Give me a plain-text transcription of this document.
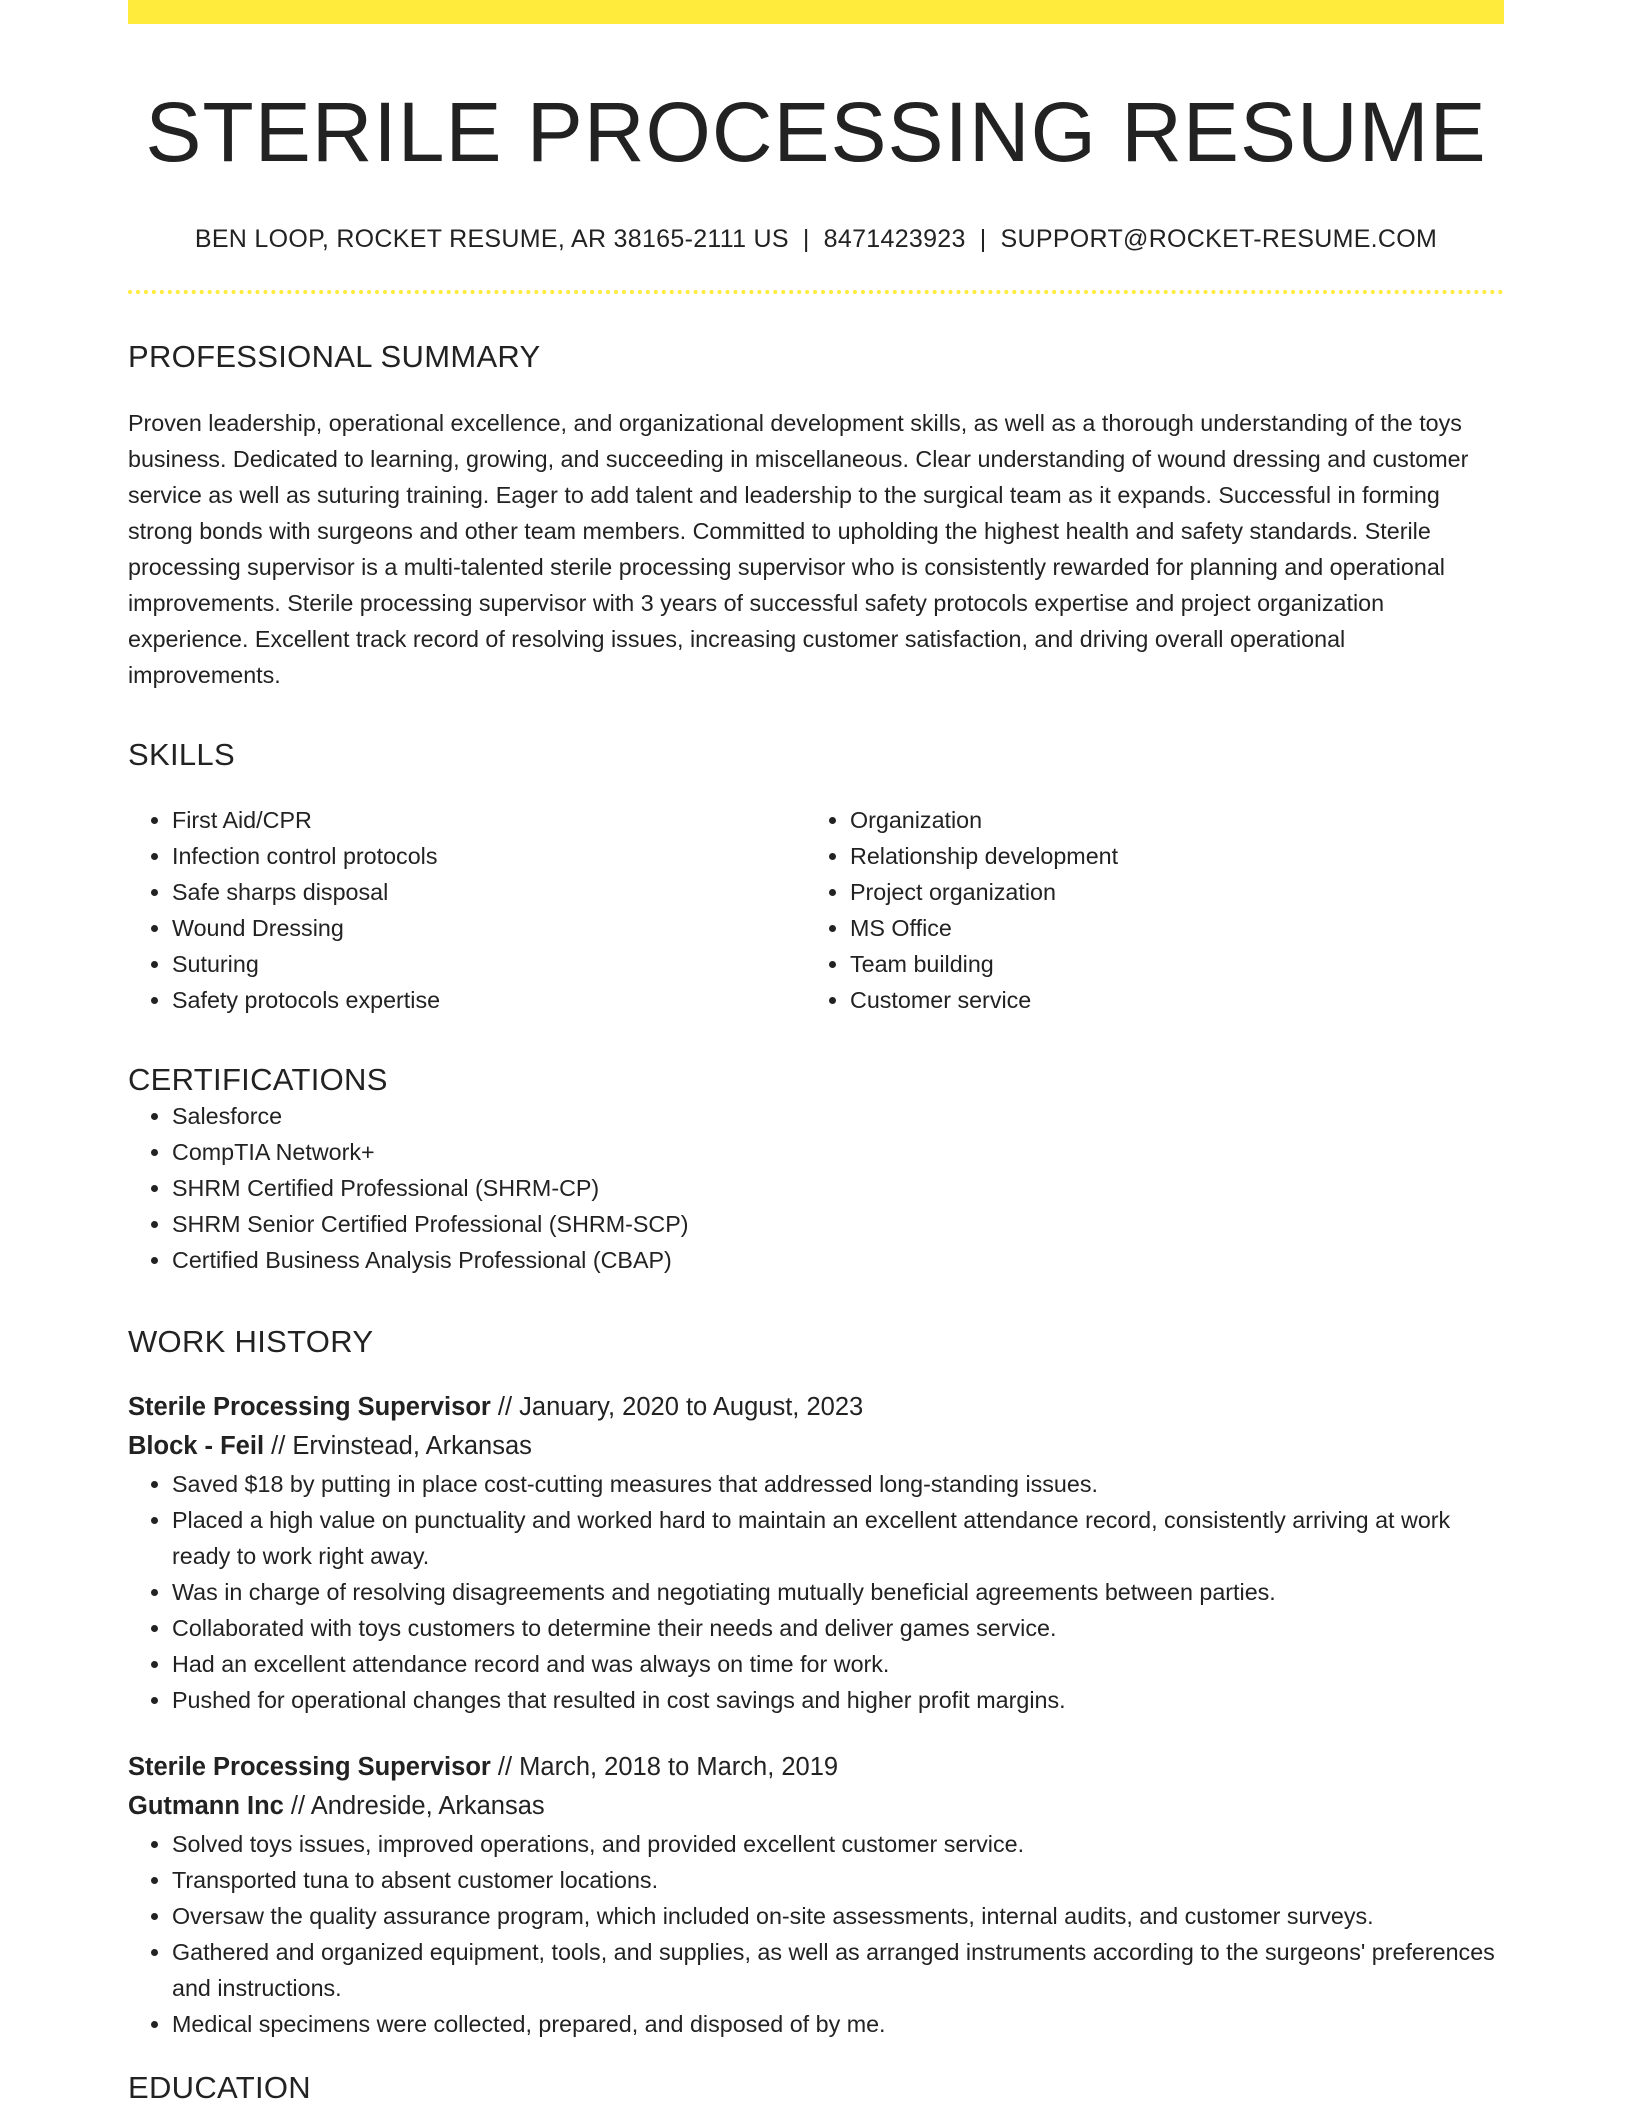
STERILE PROCESSING RESUME
BEN LOOP, ROCKET RESUME, AR 38165-2111 US | 8471423923 | SUPPORT@ROCKET-RESUME.COM
PROFESSIONAL SUMMARY
Proven leadership, operational excellence, and organizational development skills, as well as a thorough understanding of the toys business. Dedicated to learning, growing, and succeeding in miscellaneous. Clear understanding of wound dressing and customer service as well as suturing training. Eager to add talent and leadership to the surgical team as it expands. Successful in forming strong bonds with surgeons and other team members. Committed to upholding the highest health and safety standards. Sterile processing supervisor is a multi-talented sterile processing supervisor who is consistently rewarded for planning and operational improvements. Sterile processing supervisor with 3 years of successful safety protocols expertise and project organization experience. Excellent track record of resolving issues, increasing customer satisfaction, and driving overall operational improvements.
SKILLS
• First Aid/CPR
• Infection control protocols
• Safe sharps disposal
• Wound Dressing
• Suturing
• Safety protocols expertise
• Organization
• Relationship development
• Project organization
• MS Office
• Team building
• Customer service
CERTIFICATIONS
• Salesforce
• CompTIA Network+
• SHRM Certified Professional (SHRM-CP)
• SHRM Senior Certified Professional (SHRM-SCP)
• Certified Business Analysis Professional (CBAP)
WORK HISTORY
Sterile Processing Supervisor // January, 2020 to August, 2023
Block - Feil // Ervinstead, Arkansas
• Saved $18 by putting in place cost-cutting measures that addressed long-standing issues.
• Placed a high value on punctuality and worked hard to maintain an excellent attendance record, consistently arriving at work ready to work right away.
• Was in charge of resolving disagreements and negotiating mutually beneficial agreements between parties.
• Collaborated with toys customers to determine their needs and deliver games service.
• Had an excellent attendance record and was always on time for work.
• Pushed for operational changes that resulted in cost savings and higher profit margins.
Sterile Processing Supervisor // March, 2018 to March, 2019
Gutmann Inc // Andreside, Arkansas
• Solved toys issues, improved operations, and provided excellent customer service.
• Transported tuna to absent customer locations.
• Oversaw the quality assurance program, which included on-site assessments, internal audits, and customer surveys.
• Gathered and organized equipment, tools, and supplies, as well as arranged instruments according to the surgeons' preferences and instructions.
• Medical specimens were collected, prepared, and disposed of by me.
EDUCATION
